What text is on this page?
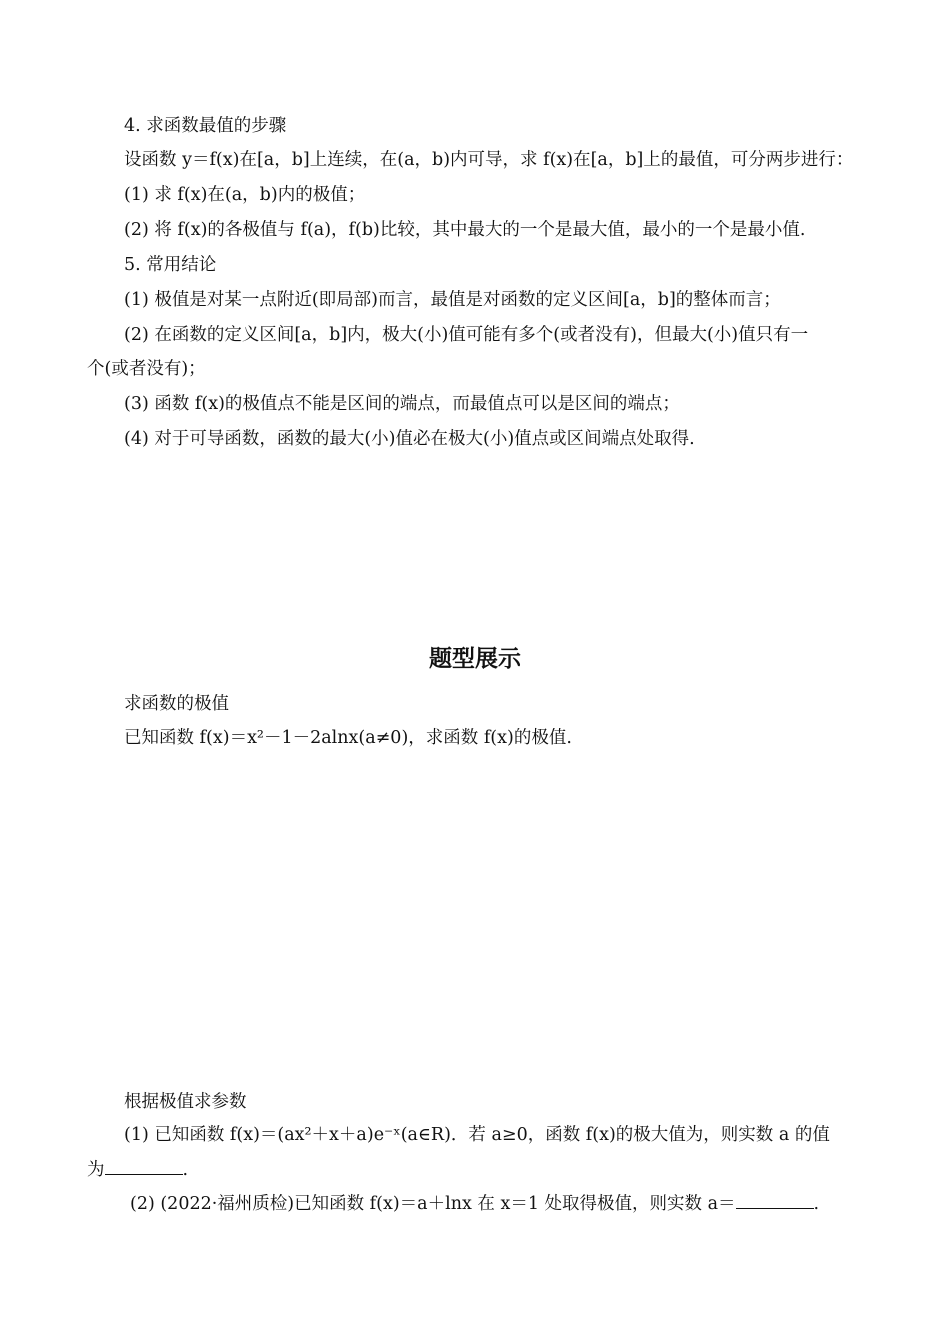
4. 求函数最值的步骤
设函数 y＝f(x)在[a，b]上连续，在(a，b)内可导，求 f(x)在[a，b]上的最值，可分两步进行：
(1) 求 f(x)在(a，b)内的极值；
(2) 将 f(x)的各极值与 f(a)，f(b)比较，其中最大的一个是最大值，最小的一个是最小值.
5. 常用结论
(1) 极值是对某一点附近(即局部)而言，最值是对函数的定义区间[a，b]的整体而言；
(2) 在函数的定义区间[a，b]内，极大(小)值可能有多个(或者没有)，但最大(小)值只有一
个(或者没有)；
(3) 函数 f(x)的极值点不能是区间的端点，而最值点可以是区间的端点；
(4) 对于可导函数，函数的最大(小)值必在极大(小)值点或区间端点处取得.
题型展示
求函数的极值
已知函数 f(x)＝x²－1－2alnx(a≠0)，求函数 f(x)的极值.
根据极值求参数
(1) 已知函数 f(x)＝(ax²＋x＋a)e⁻ˣ(a∈R)．若 a≥0，函数 f(x)的极大值为，则实数 a 的值
为	.
(2) (2022·福州质检)已知函数 f(x)＝a＋lnx 在 x＝1 处取得极值，则实数 a＝	.
